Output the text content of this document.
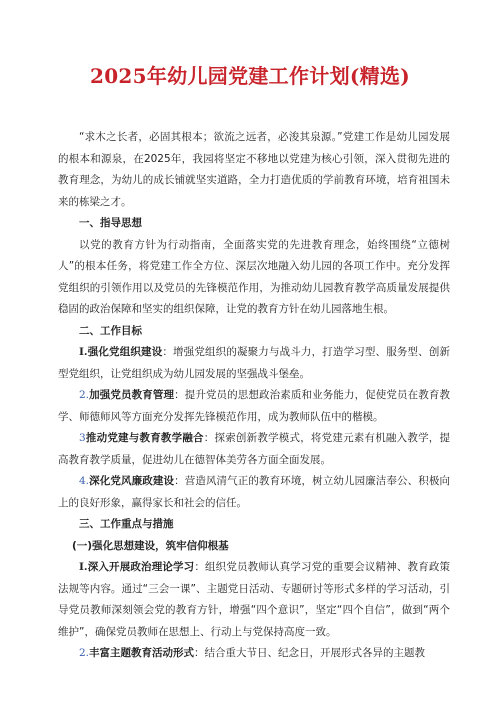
2025年幼儿园党建工作计划(精选)

“求木之长者，必固其根本；欲流之远者，必浚其泉源。”党建工作是幼儿园发展的根本和源泉，在2025年，我园将坚定不移地以党建为核心引领，深入贯彻先进的教育理念，为幼儿的成长铺就坚实道路，全力打造优质的学前教育环境，培育祖国未来的栋梁之才。

一、指导思想

以党的教育方针为行动指南，全面落实党的先进教育理念，始终围绕“立德树人”的根本任务，将党建工作全方位、深层次地融入幼儿园的各项工作中。充分发挥党组织的引领作用以及党员的先锋模范作用，为推动幼儿园教育教学高质量发展提供稳固的政治保障和坚实的组织保障，让党的教育方针在幼儿园落地生根。

二、工作目标

I.强化党组织建设：增强党组织的凝聚力与战斗力，打造学习型、服务型、创新型党组织，让党组织成为幼儿园发展的坚强战斗堡垒。

2.加强党员教育管理：提升党员的思想政治素质和业务能力，促使党员在教育教学、师德师风等方面充分发挥先锋模范作用，成为教师队伍中的楷模。

3推动党建与教育教学融合：探索创新教学模式，将党建元素有机融入教学，提高教育教学质量，促进幼儿在德智体美劳各方面全面发展。

4.深化党风廉政建设：营造风清气正的教育环境，树立幼儿园廉洁奉公、积极向上的良好形象，赢得家长和社会的信任。

三、工作重点与措施

(一)强化思想建设，筑牢信仰根基

I.深入开展政治理论学习：组织党员教师认真学习党的重要会议精神、教育政策法规等内容。通过“三会一课”、主题党日活动、专题研讨等形式多样的学习活动，引导党员教师深刻领会党的教育方针，增强“四个意识”，坚定“四个自信”，做到“两个维护”，确保党员教师在思想上、行动上与党保持高度一致。

2.丰富主题教育活动形式：结合重大节日、纪念日，开展形式各异的主题教
